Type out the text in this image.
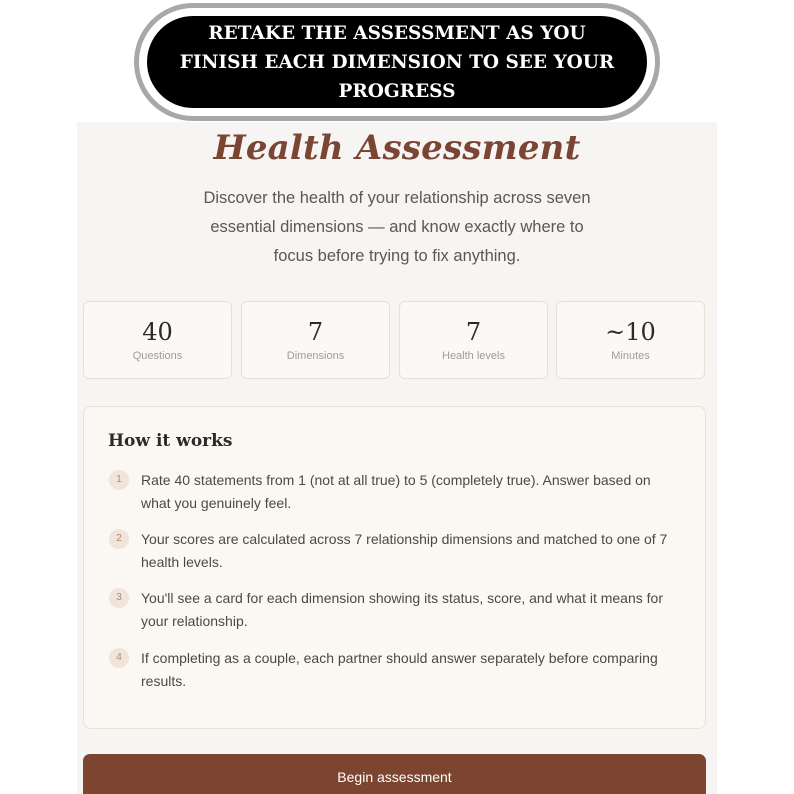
Health Assessment

Discover the health of your relationship across seven essential dimensions — and know exactly where to focus before trying to fix anything.

40
Questions
7
Dimensions
7
Health levels
~10
Minutes
How it works
1	Rate 40 statements from 1 (not at all true) to 5 (completely true). Answer based on what you genuinely feel.
2	Your scores are calculated across 7 relationship dimensions and matched to one of 7 health levels.
3	You'll see a card for each dimension showing its status, score, and what it means for your relationship.
4	If completing as a couple, each partner should answer separately before comparing results.
Begin assessment
RETAKE THE ASSESSMENT AS YOU FINISH EACH DIMENSION TO SEE YOUR PROGRESS
